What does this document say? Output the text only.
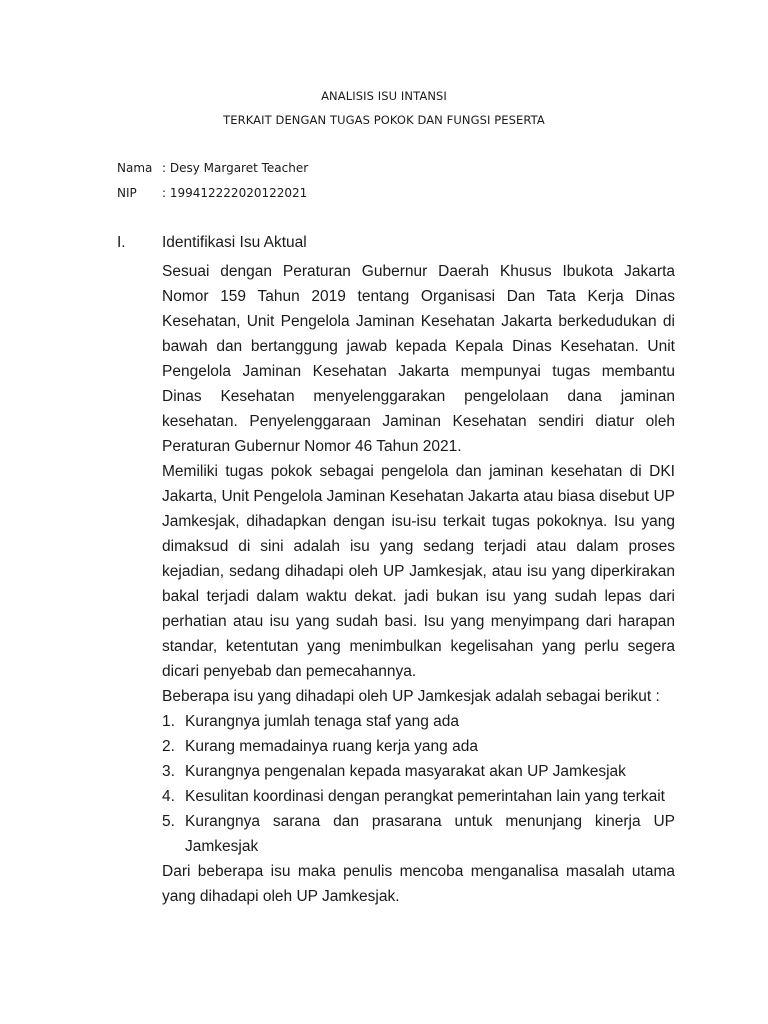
ANALISIS ISU INTANSI
TERKAIT DENGAN TUGAS POKOK DAN FUNGSI PESERTA
Nama : Desy Margaret Teacher
NIP : 199412222020122021
I. Identifikasi Isu Aktual
Sesuai dengan Peraturan Gubernur Daerah Khusus Ibukota Jakarta Nomor 159 Tahun 2019 tentang Organisasi Dan Tata Kerja Dinas Kesehatan, Unit Pengelola Jaminan Kesehatan Jakarta berkedudukan di bawah dan bertanggung jawab kepada Kepala Dinas Kesehatan. Unit Pengelola Jaminan Kesehatan Jakarta mempunyai tugas membantu Dinas Kesehatan menyelenggarakan pengelolaan dana jaminan kesehatan. Penyelenggaraan Jaminan Kesehatan sendiri diatur oleh Peraturan Gubernur Nomor 46 Tahun 2021.
Memiliki tugas pokok sebagai pengelola dan jaminan kesehatan di DKI Jakarta, Unit Pengelola Jaminan Kesehatan Jakarta atau biasa disebut UP Jamkesjak, dihadapkan dengan isu-isu terkait tugas pokoknya. Isu yang dimaksud di sini adalah isu yang sedang terjadi atau dalam proses kejadian, sedang dihadapi oleh UP Jamkesjak, atau isu yang diperkirakan bakal terjadi dalam waktu dekat. jadi bukan isu yang sudah lepas dari perhatian atau isu yang sudah basi. Isu yang menyimpang dari harapan standar, ketentutan yang menimbulkan kegelisahan yang perlu segera dicari penyebab dan pemecahannya.
Beberapa isu yang dihadapi oleh UP Jamkesjak adalah sebagai berikut :
1. Kurangnya jumlah tenaga staf yang ada
2. Kurang memadainya ruang kerja yang ada
3. Kurangnya pengenalan kepada masyarakat akan UP Jamkesjak
4. Kesulitan koordinasi dengan perangkat pemerintahan lain yang terkait
5. Kurangnya sarana dan prasarana untuk menunjang kinerja UP Jamkesjak
Dari beberapa isu maka penulis mencoba menganalisa masalah utama yang dihadapi oleh UP Jamkesjak.
